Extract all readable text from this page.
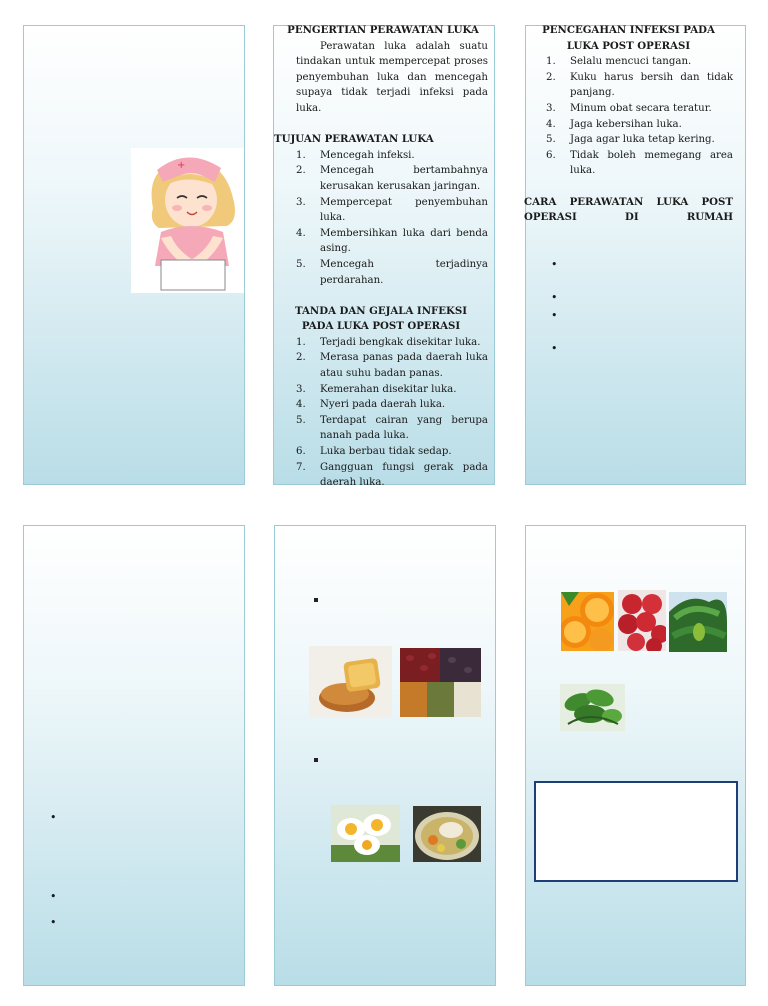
+
PENGERTIAN PERAWATAN LUKA
Perawatan luka adalah suatu tindakan untuk mempercepat proses penyembuhan luka dan mencegah supaya tidak terjadi infeksi pada luka.
TUJUAN PERAWATAN LUKA
1. Mencegah infeksi.
2. Mencegah bertambahnya kerusakan kerusakan jaringan.
3. Mempercepat penyembuhan luka.
4. Membersihkan luka dari benda asing.
5. Mencegah terjadinya perdarahan.
TANDA DAN GEJALA INFEKSI PADA LUKA POST OPERASI
1. Terjadi bengkak disekitar luka.
2. Merasa panas pada daerah luka atau suhu badan panas.
3. Kemerahan disekitar luka.
4. Nyeri pada daerah luka.
5. Terdapat cairan yang berupa nanah pada luka.
6. Luka berbau tidak sedap.
7. Gangguan fungsi gerak pada daerah luka.
PENCEGAHAN INFEKSI PADA LUKA POST OPERASI
1. Selalu mencuci tangan.
2. Kuku harus bersih dan tidak panjang.
3. Minum obat secara teratur.
4. Jaga kebersihan luka.
5. Jaga agar luka tetap kering.
6. Tidak boleh memegang area luka.
CARA PERAWATAN LUKA POST OPERASI DI RUMAH
•
•
•
•
•
•
•
